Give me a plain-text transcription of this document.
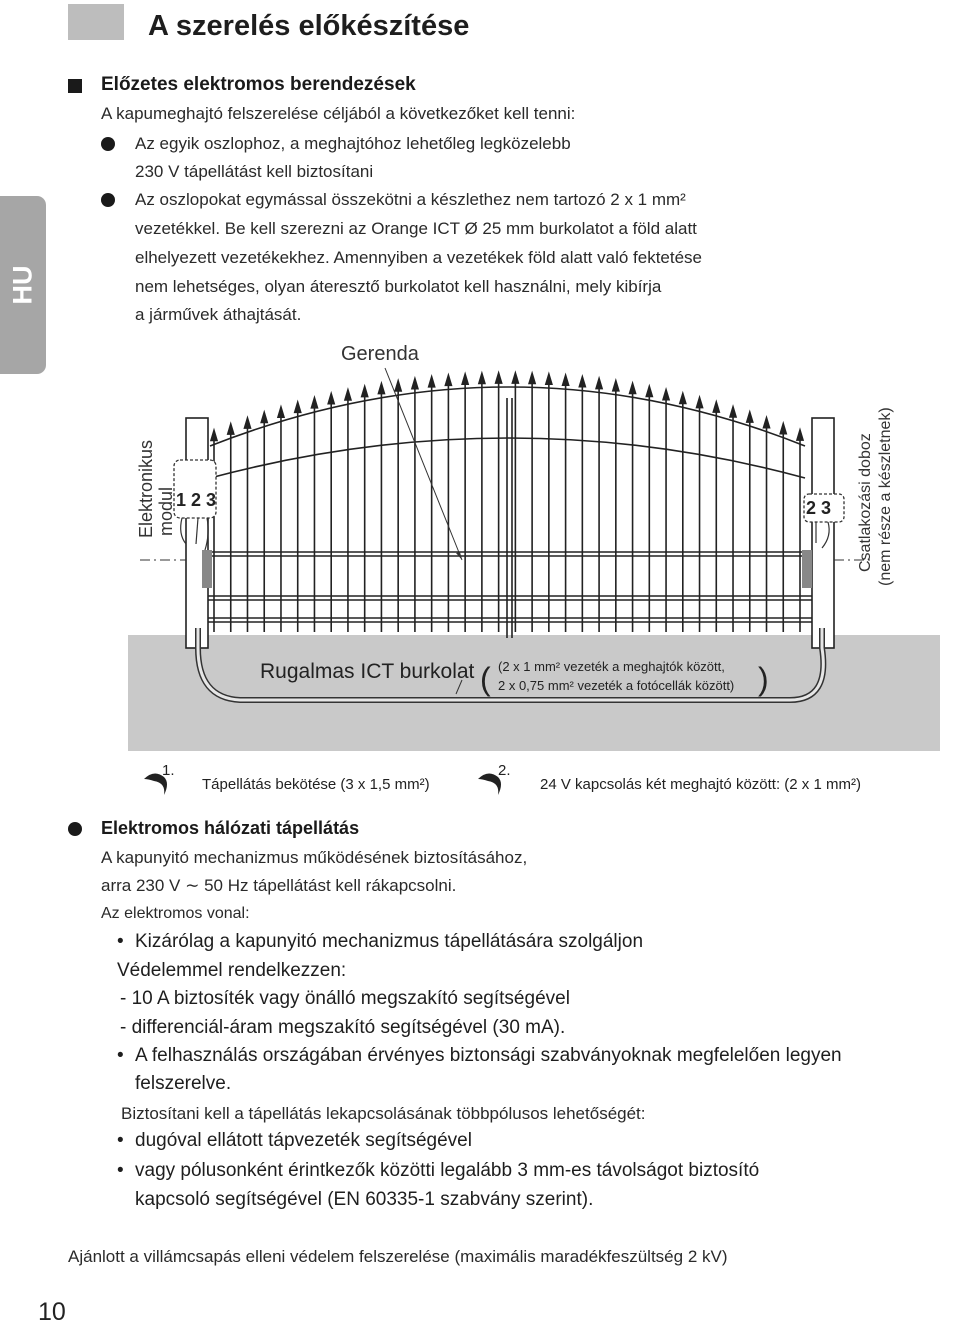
A szerelés előkészítése
HU
Előzetes elektromos berendezések
A kapumeghajtó felszerelése céljából a következőket kell tenni:
Az egyik oszlophoz, a meghajtóhoz lehetőleg legközelebb
230 V tápellátást kell biztosítani
Az oszlopokat egymással összekötni a készlethez nem tartozó 2 x 1 mm²
vezetékkel. Be kell szerezni az Orange ICT Ø 25 mm burkolatot a föld alatt
elhelyezett vezetékekhez. Amennyiben a vezetékek föld alatt való fektetése
nem lehetséges, olyan áteresztő burkolatot kell használni, mely kibírja
a járművek áthajtását.
Gerenda
1 2 3	2 3
Elektronikus modul	Csatlakozási doboz (nem része a készletnek)
Rugalmas ICT burkolat ( (2 x 1 mm² vezeték a meghajtók között,
2 x 0,75 mm² vezeték a fotócellák között) )
1.
Tápellátás bekötése (3 x 1,5 mm²)
2.
24 V kapcsolás két meghajtó között: (2 x 1 mm²)
Elektromos hálózati tápellátás
A kapunyitó mechanizmus működésének biztosításához,
arra 230 V ∼ 50 Hz tápellátást kell rákapcsolni.
Az elektromos vonal:
• Kizárólag a kapunyitó mechanizmus tápellátására szolgáljon
Védelemmel rendelkezzen:
- 10 A biztosíték vagy önálló megszakító segítségével
- differenciál-áram megszakító segítségével (30 mA).
• A felhasználás országában érvényes biztonsági szabványoknak megfelelően legyen
felszerelve.
Biztosítani kell a tápellátás lekapcsolásának többpólusos lehetőségét:
• dugóval ellátott tápvezeték segítségével
• vagy pólusonként érintkezők közötti legalább 3 mm-es távolságot biztosító
kapcsoló segítségével (EN 60335-1 szabvány szerint).
Ajánlott a villámcsapás elleni védelem felszerelése (maximális maradékfeszültség 2 kV)
10
